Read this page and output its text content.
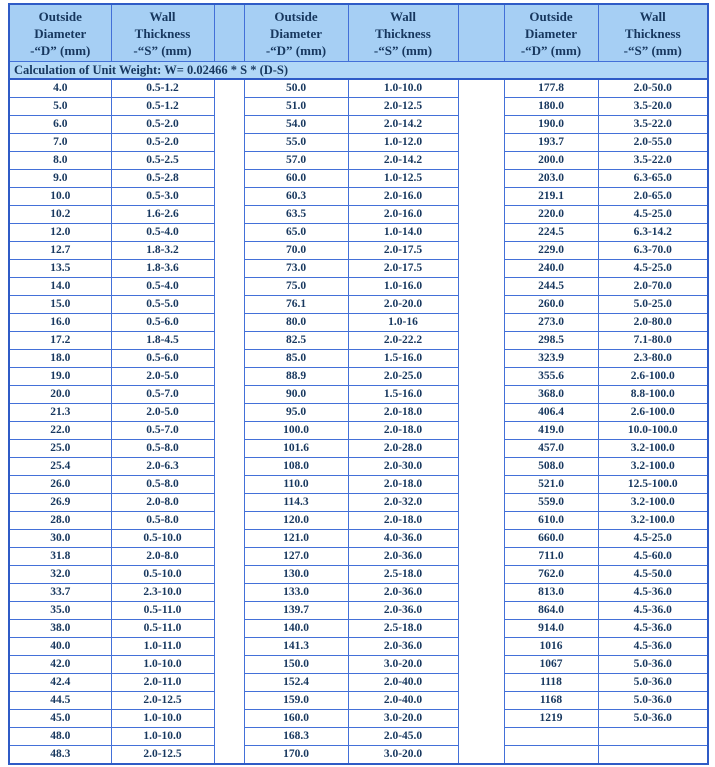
Outside
Diameter
-“D” (mm)

Wall
Thickness
-“S” (mm)

Outside
Diameter
-“D” (mm)

Wall
Thickness
-“S” (mm)

Outside
Diameter
-“D” (mm)

Wall
Thickness
-“S” (mm)

Calculation of Unit Weight: W= 0.02466 * S * (D-S)							
4.0	0.5-1.2		50.0	1.0-10.0		177.8	2.0-50.0
5.0	0.5-1.2		51.0	2.0-12.5		180.0	3.5-20.0
6.0	0.5-2.0		54.0	2.0-14.2		190.0	3.5-22.0
7.0	0.5-2.0		55.0	1.0-12.0		193.7	2.0-55.0
8.0	0.5-2.5		57.0	2.0-14.2		200.0	3.5-22.0
9.0	0.5-2.8		60.0	1.0-12.5		203.0	6.3-65.0
10.0	0.5-3.0		60.3	2.0-16.0		219.1	2.0-65.0
10.2	1.6-2.6		63.5	2.0-16.0		220.0	4.5-25.0
12.0	0.5-4.0		65.0	1.0-14.0		224.5	6.3-14.2
12.7	1.8-3.2		70.0	2.0-17.5		229.0	6.3-70.0
13.5	1.8-3.6		73.0	2.0-17.5		240.0	4.5-25.0
14.0	0.5-4.0		75.0	1.0-16.0		244.5	2.0-70.0
15.0	0.5-5.0		76.1	2.0-20.0		260.0	5.0-25.0
16.0	0.5-6.0		80.0	1.0-16		273.0	2.0-80.0
17.2	1.8-4.5		82.5	2.0-22.2		298.5	7.1-80.0
18.0	0.5-6.0		85.0	1.5-16.0		323.9	2.3-80.0
19.0	2.0-5.0		88.9	2.0-25.0		355.6	2.6-100.0
20.0	0.5-7.0		90.0	1.5-16.0		368.0	8.8-100.0
21.3	2.0-5.0		95.0	2.0-18.0		406.4	2.6-100.0
22.0	0.5-7.0		100.0	2.0-18.0		419.0	10.0-100.0
25.0	0.5-8.0		101.6	2.0-28.0		457.0	3.2-100.0
25.4	2.0-6.3		108.0	2.0-30.0		508.0	3.2-100.0
26.0	0.5-8.0		110.0	2.0-18.0		521.0	12.5-100.0
26.9	2.0-8.0		114.3	2.0-32.0		559.0	3.2-100.0
28.0	0.5-8.0		120.0	2.0-18.0		610.0	3.2-100.0
30.0	0.5-10.0		121.0	4.0-36.0		660.0	4.5-25.0
31.8	2.0-8.0		127.0	2.0-36.0		711.0	4.5-60.0
32.0	0.5-10.0		130.0	2.5-18.0		762.0	4.5-50.0
33.7	2.3-10.0		133.0	2.0-36.0		813.0	4.5-36.0
35.0	0.5-11.0		139.7	2.0-36.0		864.0	4.5-36.0
38.0	0.5-11.0		140.0	2.5-18.0		914.0	4.5-36.0
40.0	1.0-11.0		141.3	2.0-36.0		1016	4.5-36.0
42.0	1.0-10.0		150.0	3.0-20.0		1067	5.0-36.0
42.4	2.0-11.0		152.4	2.0-40.0		1118	5.0-36.0
44.5	2.0-12.5		159.0	2.0-40.0		1168	5.0-36.0
45.0	1.0-10.0		160.0	3.0-20.0		1219	5.0-36.0
48.0	1.0-10.0		168.3	2.0-45.0			
48.3	2.0-12.5		170.0	3.0-20.0			
